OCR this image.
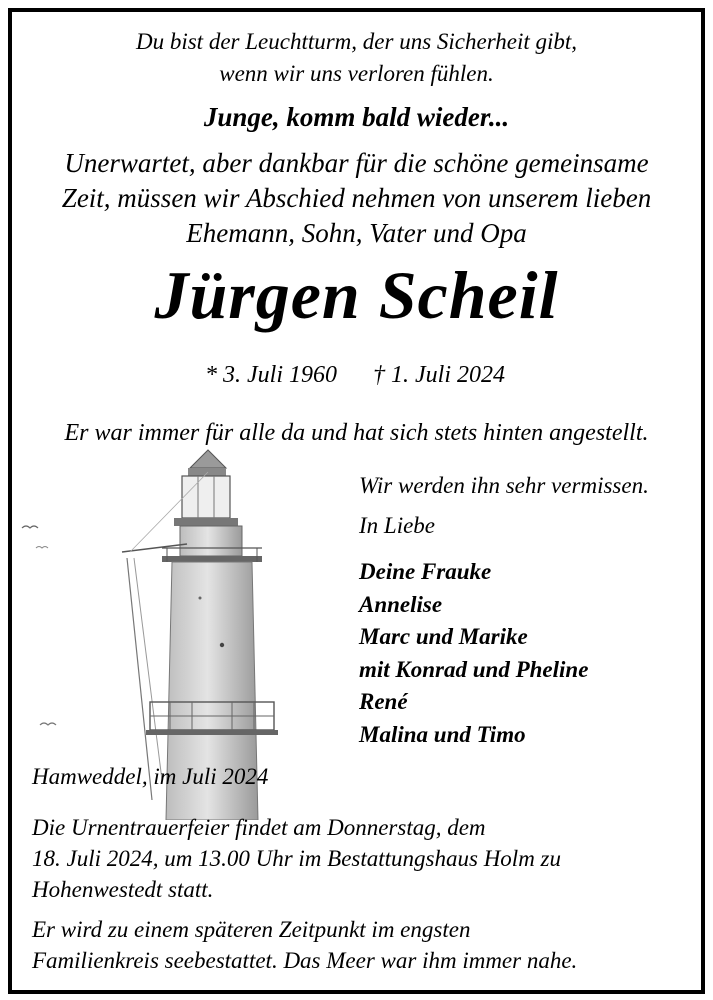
Du bist der Leuchtturm, der uns Sicherheit gibt,

wenn wir uns verloren fühlen.

Junge, komm bald wieder...

Unerwartet, aber dankbar für die schöne gemeinsame

Zeit, müssen wir Abschied nehmen von unserem lieben

Ehemann, Sohn, Vater und Opa

Jürgen Scheil

* 3. Juli 1960 † 1. Juli 2024

Er war immer für alle da und hat sich stets hinten angestellt.

Wir werden ihn sehr vermissen.

In Liebe

Deine Frauke
Annelise
Marc und Marike
mit Konrad und Pheline
René
Malina und Timo

Hamweddel, im Juli 2024

Die Urnentrauerfeier findet am Donnerstag, dem
18. Juli 2024, um 13.00 Uhr im Bestattungshaus Holm zu
Hohenwestedt statt.
Er wird zu einem späteren Zeitpunkt im engsten
Familienkreis seebestattet. Das Meer war ihm immer nahe.
